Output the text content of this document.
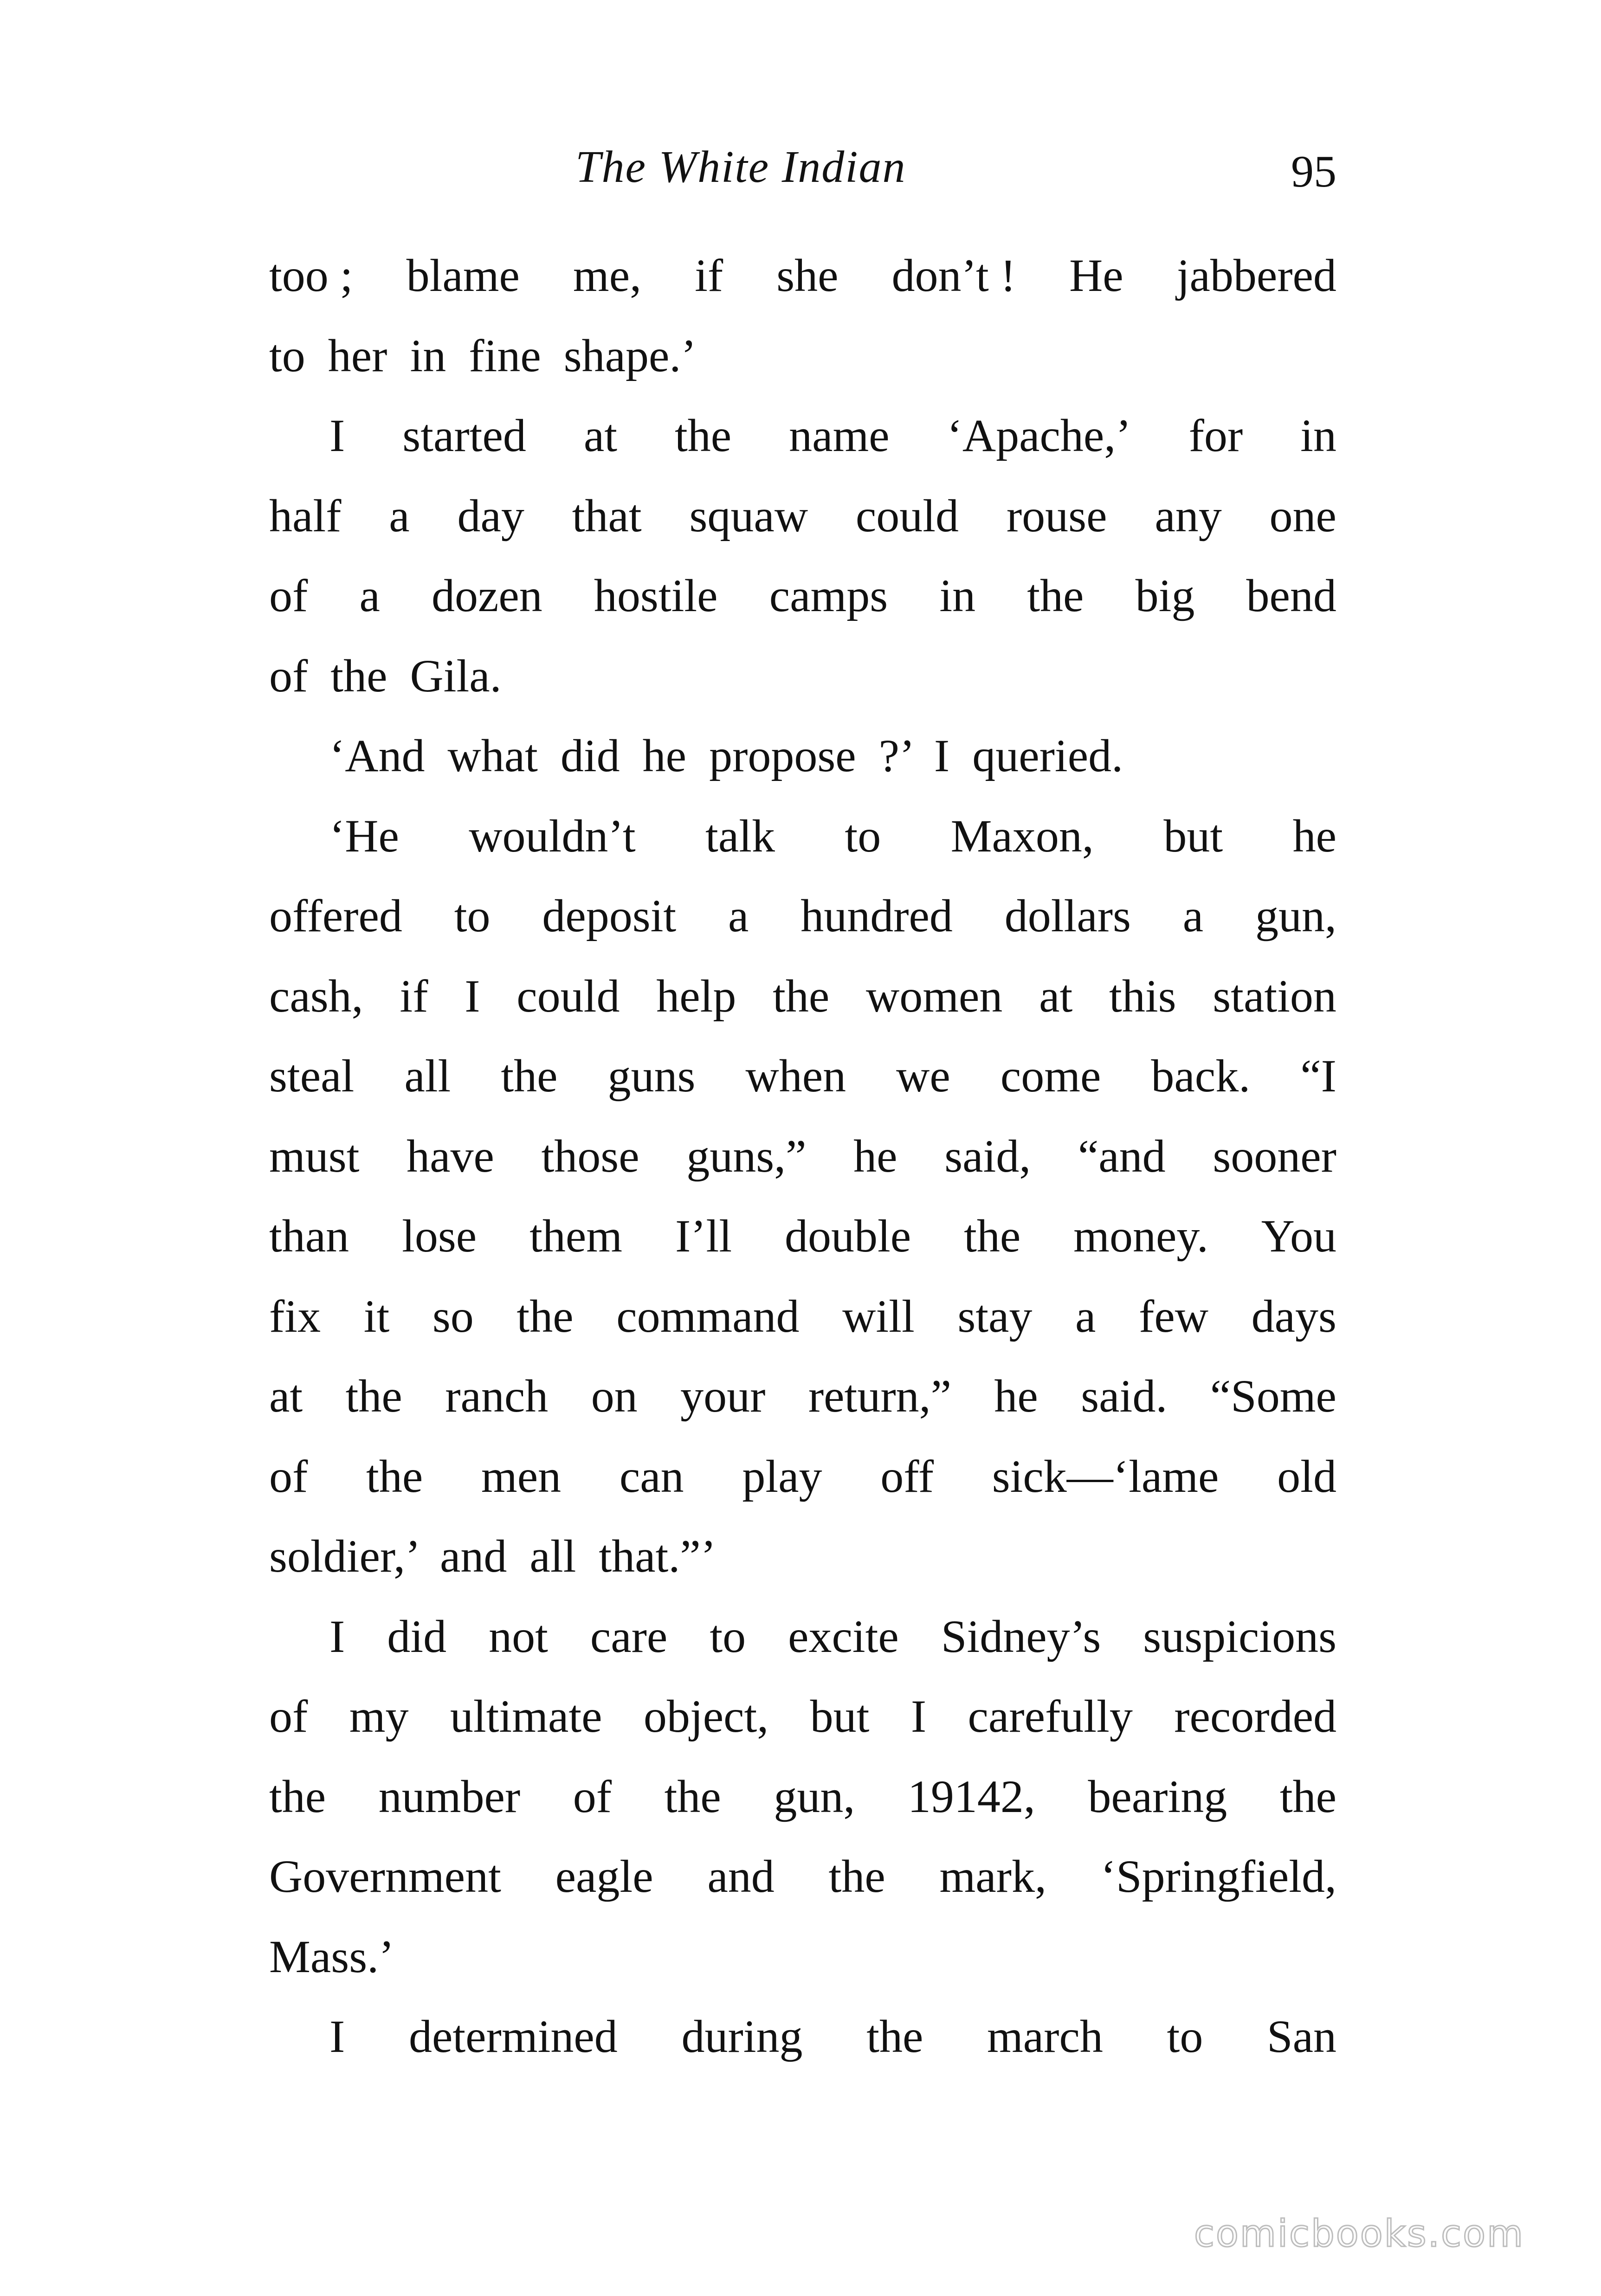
The White Indian	95
too ; blame me, if she don’t ! He jabbered
to her in fine shape.’
I started at the name ‘Apache,’ for in
half a day that squaw could rouse any one
of a dozen hostile camps in the big bend
of the Gila.
‘And what did he propose ?’ I queried.
‘He wouldn’t talk to Maxon, but he
offered to deposit a hundred dollars a gun,
cash, if I could help the women at this station
steal all the guns when we come back. “I
must have those guns,” he said, “and sooner
than lose them I’ll double the money. You
fix it so the command will stay a few days
at the ranch on your return,” he said. “Some
of the men can play off sick—‘lame old
soldier,’ and all that.”’
I did not care to excite Sidney’s suspicions
of my ultimate object, but I carefully recorded
the number of the gun, 19142, bearing the
Government eagle and the mark, ‘Springfield,
Mass.’
I determined during the march to San
comicbooks.com
